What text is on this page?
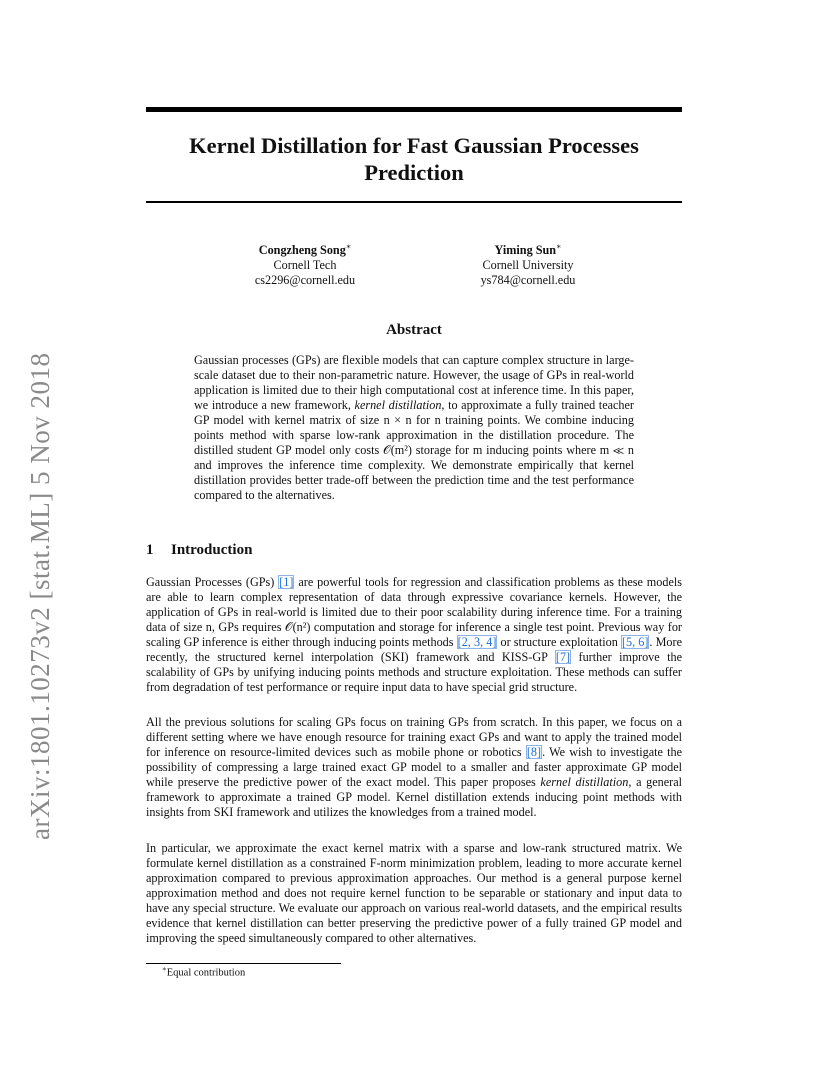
arXiv:1801.10273v2 [stat.ML] 5 Nov 2018
Kernel Distillation for Fast Gaussian Processes
Prediction
Congzheng Song∗
Cornell Tech
cs2296@cornell.edu
Yiming Sun∗
Cornell University
ys784@cornell.edu
Abstract
Gaussian processes (GPs) are flexible models that can capture complex structure in large-scale dataset due to their non-parametric nature. However, the usage of GPs in real-world application is limited due to their high computational cost at inference time. In this paper, we introduce a new framework, kernel distillation, to approximate a fully trained teacher GP model with kernel matrix of size n × n for n training points. We combine inducing points method with sparse low-rank approximation in the distillation procedure. The distilled student GP model only costs 𝒪(m²) storage for m inducing points where m ≪ n and improves the inference time complexity. We demonstrate empirically that kernel distillation provides better trade-off between the prediction time and the test performance compared to the alternatives.
1 Introduction
Gaussian Processes (GPs) [1] are powerful tools for regression and classification problems as these models are able to learn complex representation of data through expressive covariance kernels. However, the application of GPs in real-world is limited due to their poor scalability during inference time. For a training data of size n, GPs requires 𝒪(n²) computation and storage for inference a single test point. Previous way for scaling GP inference is either through inducing points methods [2, 3, 4] or structure exploitation [5, 6]. More recently, the structured kernel interpolation (SKI) framework and KISS-GP [7] further improve the scalability of GPs by unifying inducing points methods and structure exploitation. These methods can suffer from degradation of test performance or require input data to have special grid structure.
All the previous solutions for scaling GPs focus on training GPs from scratch. In this paper, we focus on a different setting where we have enough resource for training exact GPs and want to apply the trained model for inference on resource-limited devices such as mobile phone or robotics [8]. We wish to investigate the possibility of compressing a large trained exact GP model to a smaller and faster approximate GP model while preserve the predictive power of the exact model. This paper proposes kernel distillation, a general framework to approximate a trained GP model. Kernel distillation extends inducing point methods with insights from SKI framework and utilizes the knowledges from a trained model.
In particular, we approximate the exact kernel matrix with a sparse and low-rank structured matrix. We formulate kernel distillation as a constrained F-norm minimization problem, leading to more accurate kernel approximation compared to previous approximation approaches. Our method is a general purpose kernel approximation method and does not require kernel function to be separable or stationary and input data to have any special structure. We evaluate our approach on various real-world datasets, and the empirical results evidence that kernel distillation can better preserving the predictive power of a fully trained GP model and improving the speed simultaneously compared to other alternatives.
∗Equal contribution
